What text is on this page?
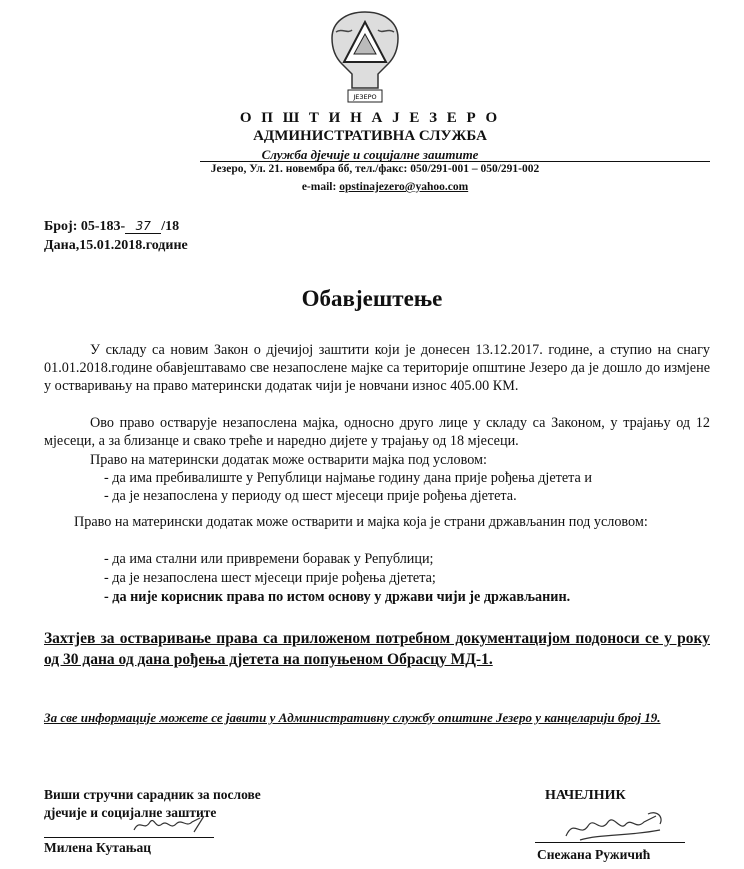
ЈЕЗЕРО
О П Ш Т И Н А Ј Е З Е Р О
АДМИНИСТРАТИВНА СЛУЖБА
Служба дјечије и социјалне заштите
Језеро, Ул. 21. новембра бб, тел./факс: 050/291-001 – 050/291-002
e-mail: opstinajezero@yahoo.com
Број: 05-183- 37 /18
Дана,15.01.2018.године
Обавјештење
У складу са новим Закон о дјечијој заштити који је донесен 13.12.2017. године, а ступио на снагу 01.01.2018.године обавјештавамо све незапослене мајке са територије општине Језеро да је дошло до измјене у остваривању на право матерински додатак чији је новчани износ 405.00 КМ.
Ово право остварује незапослена мајка, односно друго лице у складу са Законом, у трајању од 12 мјесеци, а за близанце и свако треће и наредно дијете у трајању од 18 мјесеци.
Право на матерински додатак може остварити мајка под условом:
- да има пребивалиште у Републици најмање годину дана прије рођења дјетета и
- да је незапослена у периоду од шест мјесеци прије рођења дјетета.
Право на матерински додатак може остварити и мајка која је страни држављанин под условом:
- да има стални или привремени боравак у Републици;
- да је незапослена шест мјесеци прије рођења дјетета;
- да није корисник права по истом основу у држави чији је држављанин.
Захтјев за остваривање права са приложеном потребном документацијом подоноси се у року од 30 дана од дана рођења дјетета на попуњеном Обрасцу МД-1.
За све информације можете се јавити у Административну службу општине Језеро у канцеларији број 19.
Виши стручни сарадник за послове
дјечије и социјалне заштите
Милена Кутањац
НАЧЕЛНИК
Снежана Ружичић
